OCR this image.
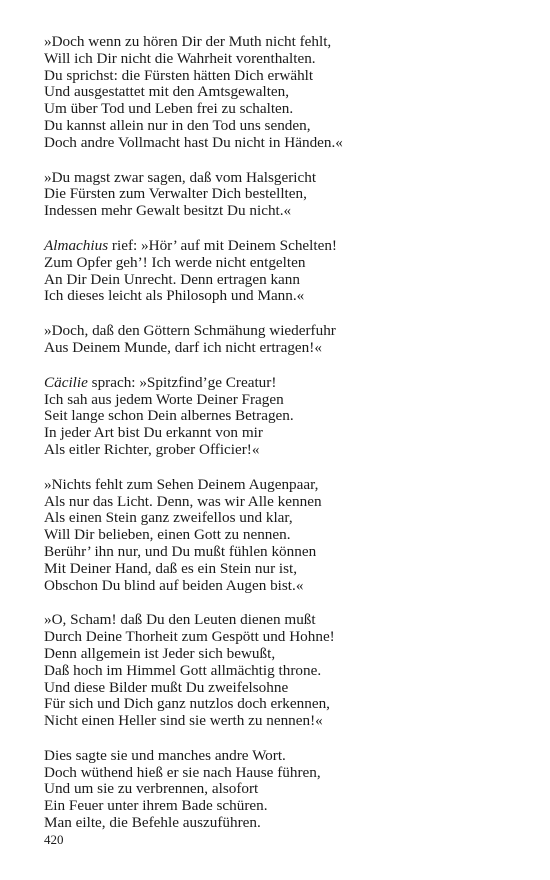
»Doch wenn zu hören Dir der Muth nicht fehlt,
Will ich Dir nicht die Wahrheit vorenthalten.
Du sprichst: die Fürsten hätten Dich erwählt
Und ausgestattet mit den Amtsgewalten,
Um über Tod und Leben frei zu schalten.
Du kannst allein nur in den Tod uns senden,
Doch andre Vollmacht hast Du nicht in Händen.«
»Du magst zwar sagen, daß vom Halsgericht
Die Fürsten zum Verwalter Dich bestellten,
Indessen mehr Gewalt besitzt Du nicht.«
Almachius rief: »Hör’ auf mit Deinem Schelten!
Zum Opfer geh’! Ich werde nicht entgelten
An Dir Dein Unrecht. Denn ertragen kann
Ich dieses leicht als Philosoph und Mann.«
»Doch, daß den Göttern Schmähung wiederfuhr
Aus Deinem Munde, darf ich nicht ertragen!«
Cäcilie sprach: »Spitzfind’ge Creatur!
Ich sah aus jedem Worte Deiner Fragen
Seit lange schon Dein albernes Betragen.
In jeder Art bist Du erkannt von mir
Als eitler Richter, grober Officier!«
»Nichts fehlt zum Sehen Deinem Augenpaar,
Als nur das Licht. Denn, was wir Alle kennen
Als einen Stein ganz zweifellos und klar,
Will Dir belieben, einen Gott zu nennen.
Berühr’ ihn nur, und Du mußt fühlen können
Mit Deiner Hand, daß es ein Stein nur ist,
Obschon Du blind auf beiden Augen bist.«
»O, Scham! daß Du den Leuten dienen mußt
Durch Deine Thorheit zum Gespött und Hohne!
Denn allgemein ist Jeder sich bewußt,
Daß hoch im Himmel Gott allmächtig throne.
Und diese Bilder mußt Du zweifelsohne
Für sich und Dich ganz nutzlos doch erkennen,
Nicht einen Heller sind sie werth zu nennen!«
Dies sagte sie und manches andre Wort.
Doch wüthend hieß er sie nach Hause führen,
Und um sie zu verbrennen, alsofort
Ein Feuer unter ihrem Bade schüren.
Man eilte, die Befehle auszuführen.
420
